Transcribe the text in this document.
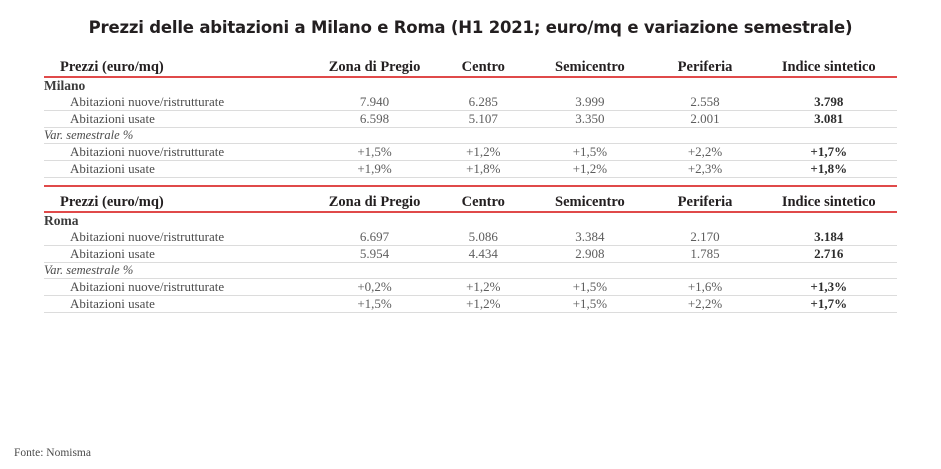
Prezzi delle abitazioni a Milano e Roma (H1 2021; euro/mq e variazione semestrale)
Prezzi (euro/mq)	Zona di Pregio	Centro	Semicentro	Periferia	Indice sintetico
Milano					
Abitazioni nuove/ristrutturate	7.940	6.285	3.999	2.558	3.798
Abitazioni usate	6.598	5.107	3.350	2.001	3.081
Var. semestrale %					
Abitazioni nuove/ristrutturate	+1,5%	+1,2%	+1,5%	+2,2%	+1,7%
Abitazioni usate	+1,9%	+1,8%	+1,2%	+2,3%	+1,8%

Prezzi (euro/mq)	Zona di Pregio	Centro	Semicentro	Periferia	Indice sintetico
Roma					
Abitazioni nuove/ristrutturate	6.697	5.086	3.384	2.170	3.184
Abitazioni usate	5.954	4.434	2.908	1.785	2.716
Var. semestrale %					
Abitazioni nuove/ristrutturate	+0,2%	+1,2%	+1,5%	+1,6%	+1,3%
Abitazioni usate	+1,5%	+1,2%	+1,5%	+2,2%	+1,7%
Fonte: Nomisma
